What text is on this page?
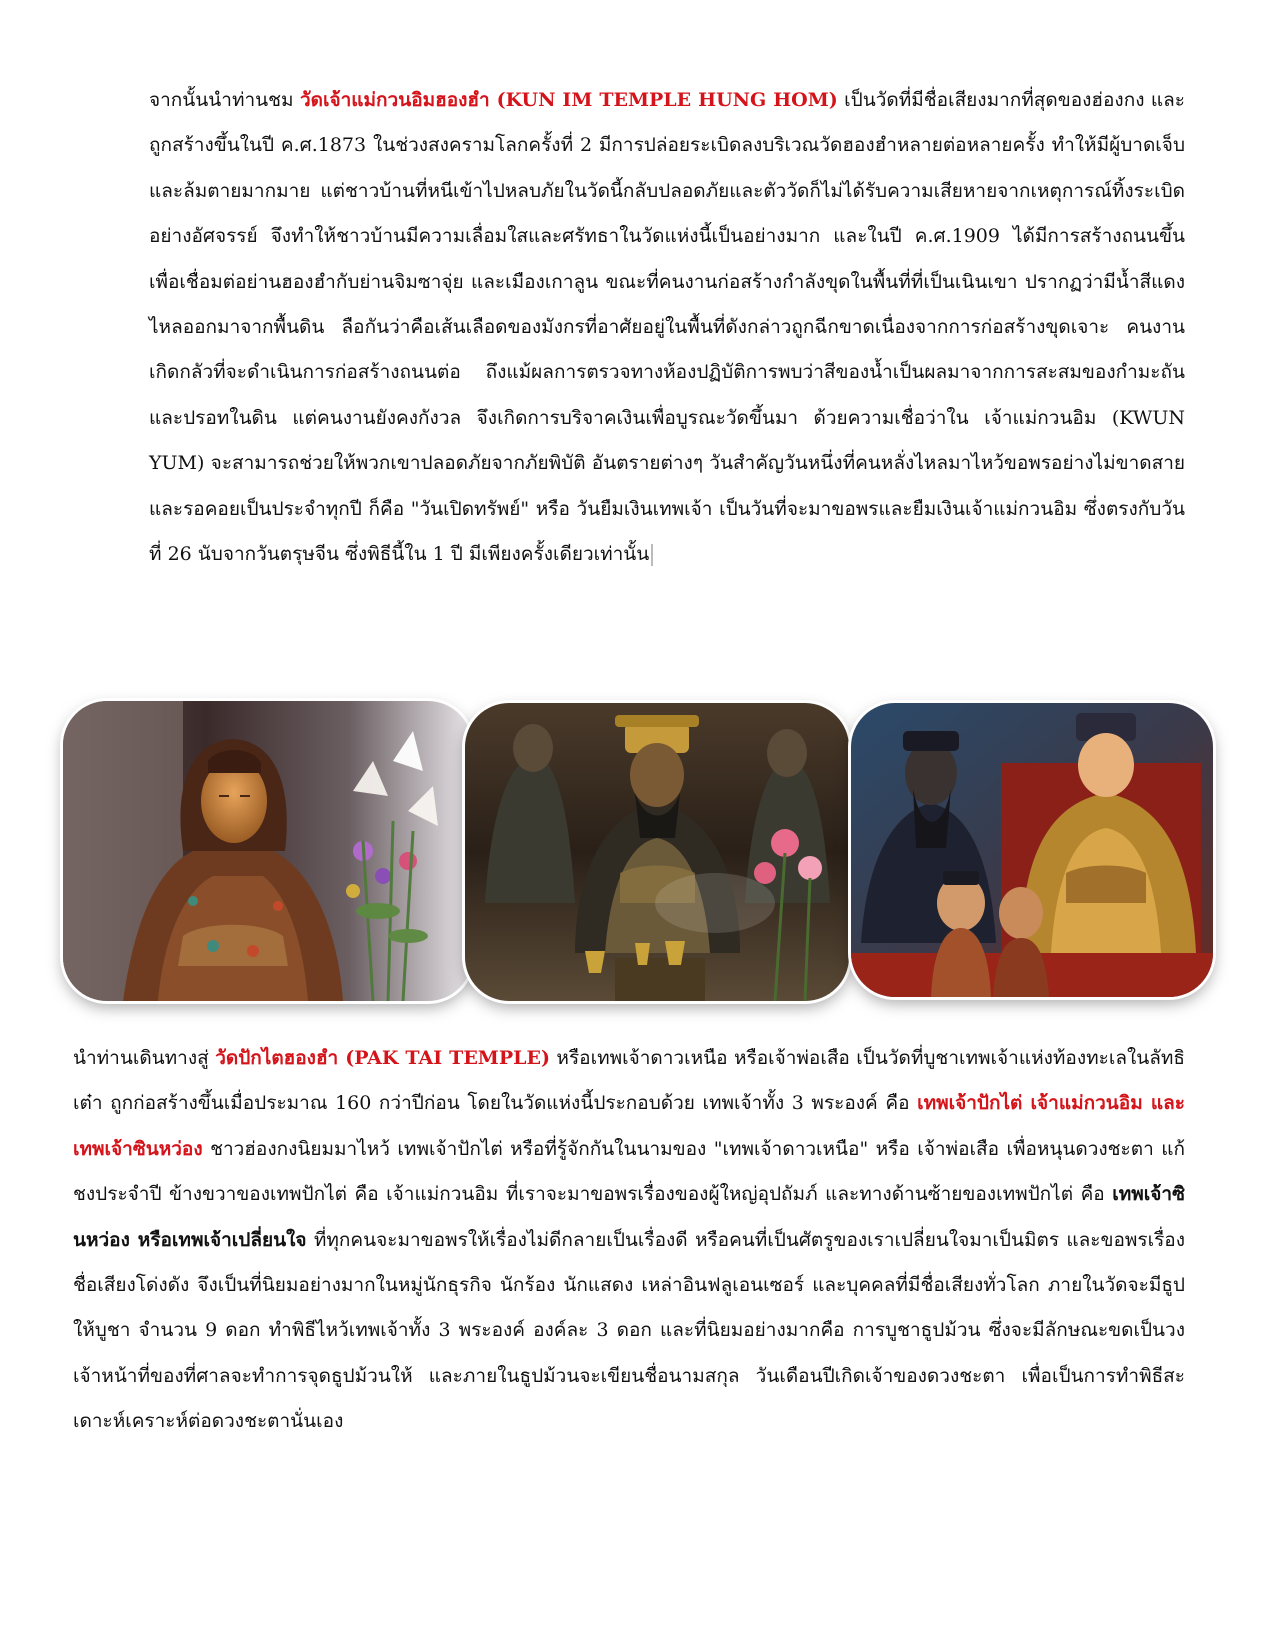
จากนั้นนำท่านชม วัดเจ้าแม่กวนอิมฮองฮำ (KUN IM TEMPLE HUNG HOM) เป็นวัดที่มีชื่อเสียงมากที่สุดของฮ่องกง และถูกสร้างขึ้นในปี ค.ศ.1873 ในช่วงสงครามโลกครั้งที่ 2 มีการปล่อยระเบิดลงบริเวณวัดฮองฮำหลายต่อหลายครั้ง ทำให้มีผู้บาดเจ็บและล้มตายมากมาย แต่ชาวบ้านที่หนีเข้าไปหลบภัยในวัดนี้กลับปลอดภัยและตัววัดก็ไม่ได้รับความเสียหายจากเหตุการณ์ทิ้งระเบิดอย่างอัศจรรย์ จึงทำให้ชาวบ้านมีความเลื่อมใสและศรัทธาในวัดแห่งนี้เป็นอย่างมาก และในปี ค.ศ.1909 ได้มีการสร้างถนนขึ้นเพื่อเชื่อมต่อย่านฮองฮำกับย่านจิมซาจุ่ย และเมืองเกาลูน ขณะที่คนงานก่อสร้างกำลังขุดในพื้นที่ที่เป็นเนินเขา ปรากฏว่ามีน้ำสีแดงไหลออกมาจากพื้นดิน ลือกันว่าคือเส้นเลือดของมังกรที่อาศัยอยู่ในพื้นที่ดังกล่าวถูกฉีกขาดเนื่องจากการก่อสร้างขุดเจาะ คนงานเกิดกลัวที่จะดำเนินการก่อสร้างถนนต่อ ถึงแม้ผลการตรวจทางห้องปฏิบัติการพบว่าสีของน้ำเป็นผลมาจากการสะสมของกำมะถันและปรอทในดิน แต่คนงานยังคงกังวล จึงเกิดการบริจาคเงินเพื่อบูรณะวัดขึ้นมา ด้วยความเชื่อว่าใน เจ้าแม่กวนอิม (KWUN YUM) จะสามารถช่วยให้พวกเขาปลอดภัยจากภัยพิบัติ อันตรายต่างๆ วันสำคัญวันหนึ่งที่คนหลั่งไหลมาไหว้ขอพรอย่างไม่ขาดสาย และรอคอยเป็นประจำทุกปี ก็คือ "วันเปิดทรัพย์" หรือ วันยืมเงินเทพเจ้า เป็นวันที่จะมาขอพรและยืมเงินเจ้าแม่กวนอิม ซึ่งตรงกับวันที่ 26 นับจากวันตรุษจีน ซึ่งพิธีนี้ใน 1 ปี มีเพียงครั้งเดียวเท่านั้น
นำท่านเดินทางสู่ วัดปักไตฮองฮำ (PAK TAI TEMPLE) หรือเทพเจ้าดาวเหนือ หรือเจ้าพ่อเสือ เป็นวัดที่บูชาเทพเจ้าแห่งท้องทะเลในลัทธิเต๋า ถูกก่อสร้างขึ้นเมื่อประมาณ 160 กว่าปีก่อน โดยในวัดแห่งนี้ประกอบด้วย เทพเจ้าทั้ง 3 พระองค์ คือ เทพเจ้าปักไต่ เจ้าแม่กวนอิม และเทพเจ้าซินหว่อง ชาวฮ่องกงนิยมมาไหว้ เทพเจ้าปักไต่ หรือที่รู้จักกันในนามของ "เทพเจ้าดาวเหนือ" หรือ เจ้าพ่อเสือ เพื่อหนุนดวงชะตา แก้ชงประจำปี ข้างขวาของเทพปักไต่ คือ เจ้าแม่กวนอิม ที่เราจะมาขอพรเรื่องของผู้ใหญ่อุปถัมภ์ และทางด้านซ้ายของเทพปักไต่ คือ เทพเจ้าซินหว่อง หรือเทพเจ้าเปลี่ยนใจ ที่ทุกคนจะมาขอพรให้เรื่องไม่ดีกลายเป็นเรื่องดี หรือคนที่เป็นศัตรูของเราเปลี่ยนใจมาเป็นมิตร และขอพรเรื่องชื่อเสียงโด่งดัง จึงเป็นที่นิยมอย่างมากในหมู่นักธุรกิจ นักร้อง นักแสดง เหล่าอินฟลูเอนเซอร์ และบุคคลที่มีชื่อเสียงทั่วโลก ภายในวัดจะมีธูปให้บูชา จำนวน 9 ดอก ทำพิธีไหว้เทพเจ้าทั้ง 3 พระองค์ องค์ละ 3 ดอก และที่นิยมอย่างมากคือ การบูชาธูปม้วน ซึ่งจะมีลักษณะขดเป็นวง เจ้าหน้าที่ของที่ศาลจะทำการจุดธูปม้วนให้ และภายในธูปม้วนจะเขียนชื่อนามสกุล วันเดือนปีเกิดเจ้าของดวงชะตา เพื่อเป็นการทำพิธีสะเดาะห์เคราะห์ต่อดวงชะตานั่นเอง
